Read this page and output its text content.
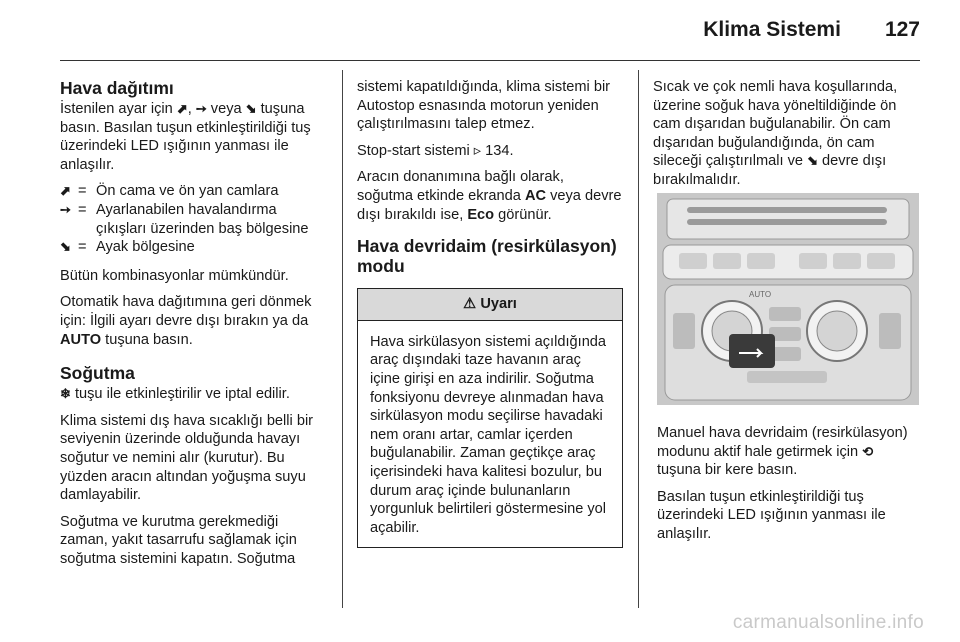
Klima Sistemi 127
Hava dağıtımı

İstenilen ayar için ⬈, ➙ veya ⬊ tuşuna basın. Basılan tuşun etkinleştirildiği tuş üzerindeki LED ışığının yanması ile anlaşılır.

⬈ = Ön cama ve ön yan camlara
➙ = Ayarlanabilen havalandırma çıkışları üzerinden baş bölgesine
⬊ = Ayak bölgesine

Bütün kombinasyonlar mümkündür.

Otomatik hava dağıtımına geri dönmek için: İlgili ayarı devre dışı bırakın ya da AUTO tuşuna basın.

Soğutma

❄ tuşu ile etkinleştirilir ve iptal edilir.

Klima sistemi dış hava sıcaklığı belli bir seviyenin üzerinde olduğunda havayı soğutur ve nemini alır (kurutur). Bu yüzden aracın altından yoğuşma suyu damlayabilir.

Soğutma ve kurutma gerekmediği zaman, yakıt tasarrufu sağlamak için soğutma sistemini kapatın. Soğutma

sistemi kapatıldığında, klima sistemi bir Autostop esnasında motorun yeniden çalıştırılmasını talep etmez.

Stop-start sistemi ▹ 134.

Aracın donanımına bağlı olarak, soğutma etkinde ekranda AC veya devre dışı bırakıldı ise, Eco görünür.

Hava devridaim (resirkülasyon) modu
⚠ Uyarı
Hava sirkülasyon sistemi açıldığında araç dışındaki taze havanın araç içine girişi en aza indirilir. Soğutma fonksiyonu devreye alınmadan hava sirkülasyon modu seçilirse havadaki nem oranı artar, camlar içerden buğulanabilir. Zaman geçtikçe araç içerisindeki hava kalitesi bozulur, bu durum araç içinde bulunanların yorgunluk belirtileri göstermesine yol açabilir.

Sıcak ve çok nemli hava koşullarında, üzerine soğuk hava yöneltildiğinde ön cam dışarıdan buğulanabilir. Ön cam dışarıdan buğulandığında, ön cam sileceği çalıştırılmalı ve ⬊ devre dışı bırakılmalıdır.

AUTO

Manuel hava devridaim (resirkülasyon) modunu aktif hale getirmek için ⟲ tuşuna bir kere basın.

Basılan tuşun etkinleştirildiği tuş üzerindeki LED ışığının yanması ile anlaşılır.

carmanualsonline.info
